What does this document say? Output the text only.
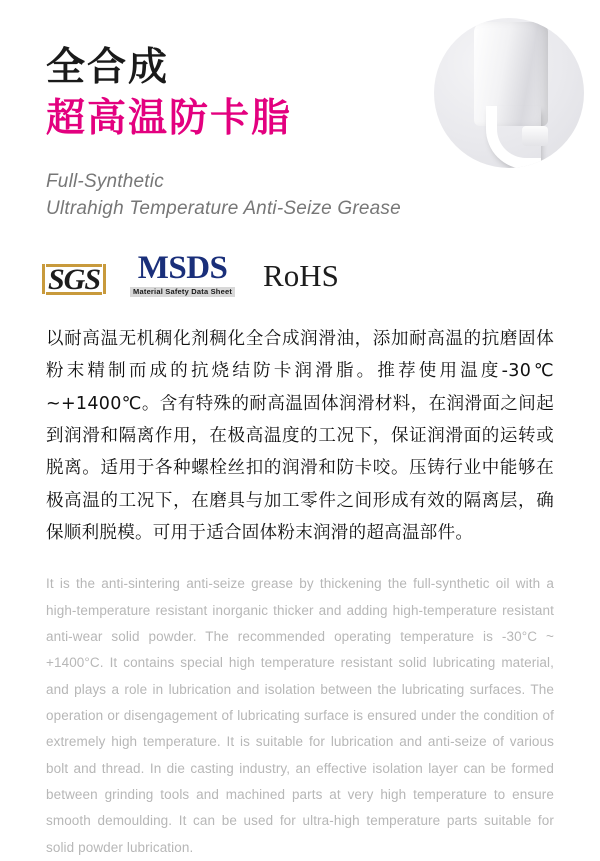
全合成
超高温防卡脂
Full-Synthetic
Ultrahigh Temperature Anti-Seize Grease
SGS MSDS
Material Safety Data Sheet RoHS
以耐高温无机稠化剂稠化全合成润滑油，添加耐高温的抗磨固体粉末精制而成的抗烧结防卡润滑脂。推荐使用温度-30℃ ~+1400℃。含有特殊的耐高温固体润滑材料，在润滑面之间起到润滑和隔离作用，在极高温度的工况下，保证润滑面的运转或脱离。适用于各种螺栓丝扣的润滑和防卡咬。压铸行业中能够在极高温的工况下，在磨具与加工零件之间形成有效的隔离层，确保顺利脱模。可用于适合固体粉末润滑的超高温部件。
It is the anti-sintering anti-seize grease by thickening the full-synthetic oil with a high-temperature resistant inorganic thicker and adding high-temperature resistant anti-wear solid powder. The recommended operating temperature is -30°C ~ +1400°C. It contains special high temperature resistant solid lubricating material, and plays a role in lubrication and isolation between the lubricating surfaces. The operation or disengagement of lubricating surface is ensured under the condition of extremely high temperature. It is suitable for lubrication and anti-seize of various bolt and thread. In die casting industry, an effective isolation layer can be formed between grinding tools and machined parts at very high temperature to ensure smooth demoulding. It can be used for ultra-high temperature parts suitable for solid powder lubrication.
